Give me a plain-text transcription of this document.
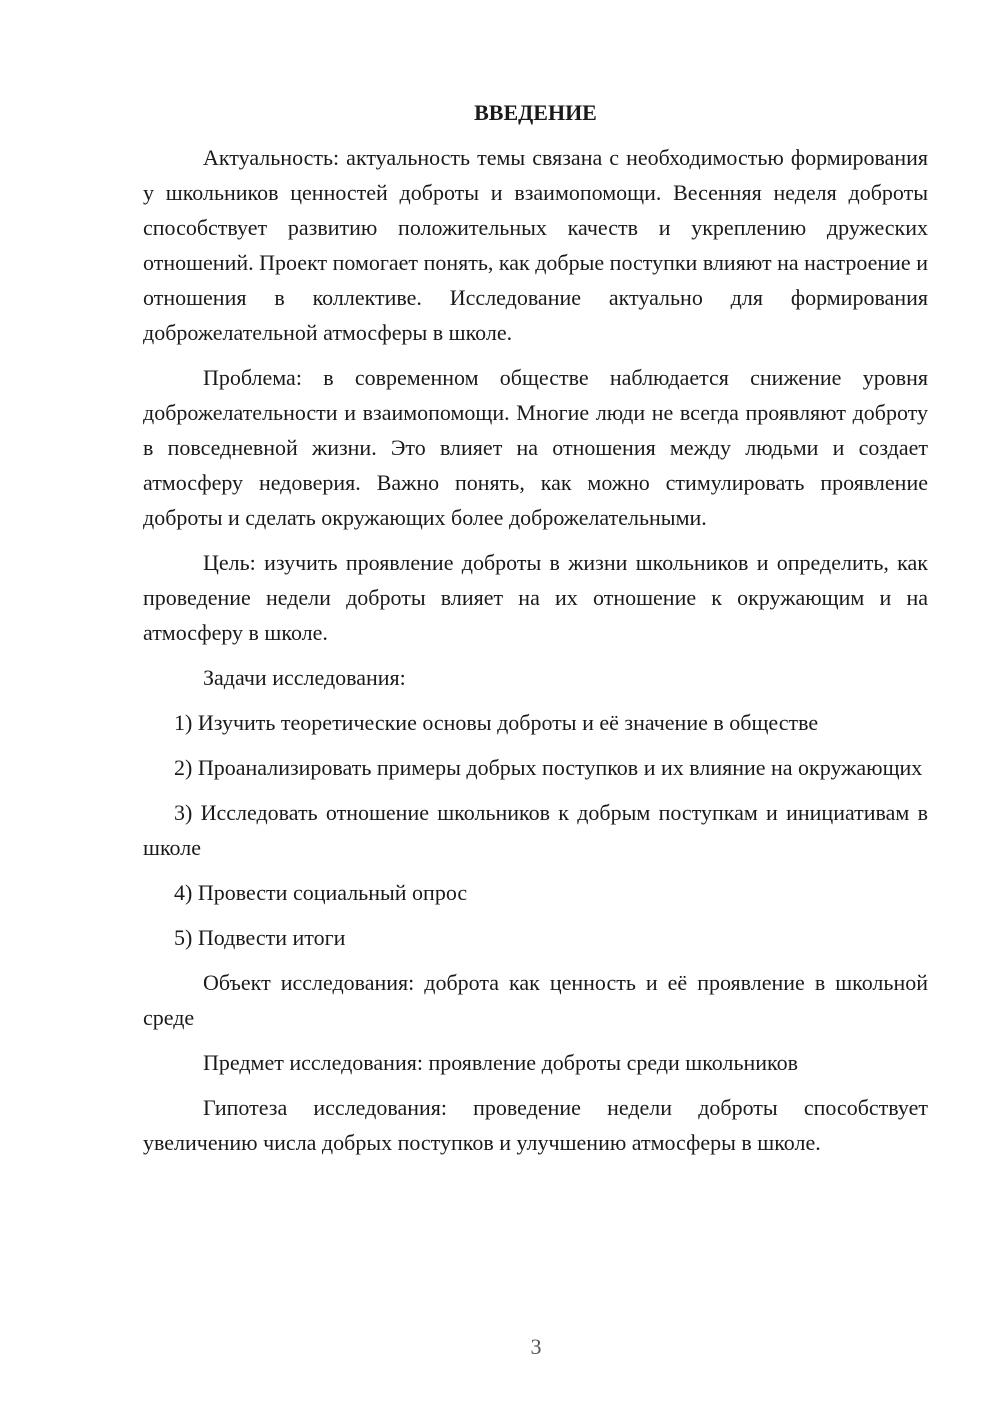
ВВЕДЕНИЕ

Актуальность: актуальность темы связана с необходимостью формирования у школьников ценностей доброты и взаимопомощи. Весенняя неделя доброты способствует развитию положительных качеств и укреплению дружеских отношений. Проект помогает понять, как добрые поступки влияют на настроение и отношения в коллективе. Исследование актуально для формирования доброжелательной атмосферы в школе.

Проблема: в современном обществе наблюдается снижение уровня доброжелательности и взаимопомощи. Многие люди не всегда проявляют доброту в повседневной жизни. Это влияет на отношения между людьми и создает атмосферу недоверия. Важно понять, как можно стимулировать проявление доброты и сделать окружающих более доброжелательными.

Цель: изучить проявление доброты в жизни школьников и определить, как проведение недели доброты влияет на их отношение к окружающим и на атмосферу в школе.

Задачи исследования:

1) Изучить теоретические основы доброты и её значение в обществе

2) Проанализировать примеры добрых поступков и их влияние на окружающих

3) Исследовать отношение школьников к добрым поступкам и инициативам в школе

4) Провести социальный опрос

5) Подвести итоги

Объект исследования: доброта как ценность и её проявление в школьной среде

Предмет исследования: проявление доброты среди школьников

Гипотеза исследования: проведение недели доброты способствует увеличению числа добрых поступков и улучшению атмосферы в школе.

3
